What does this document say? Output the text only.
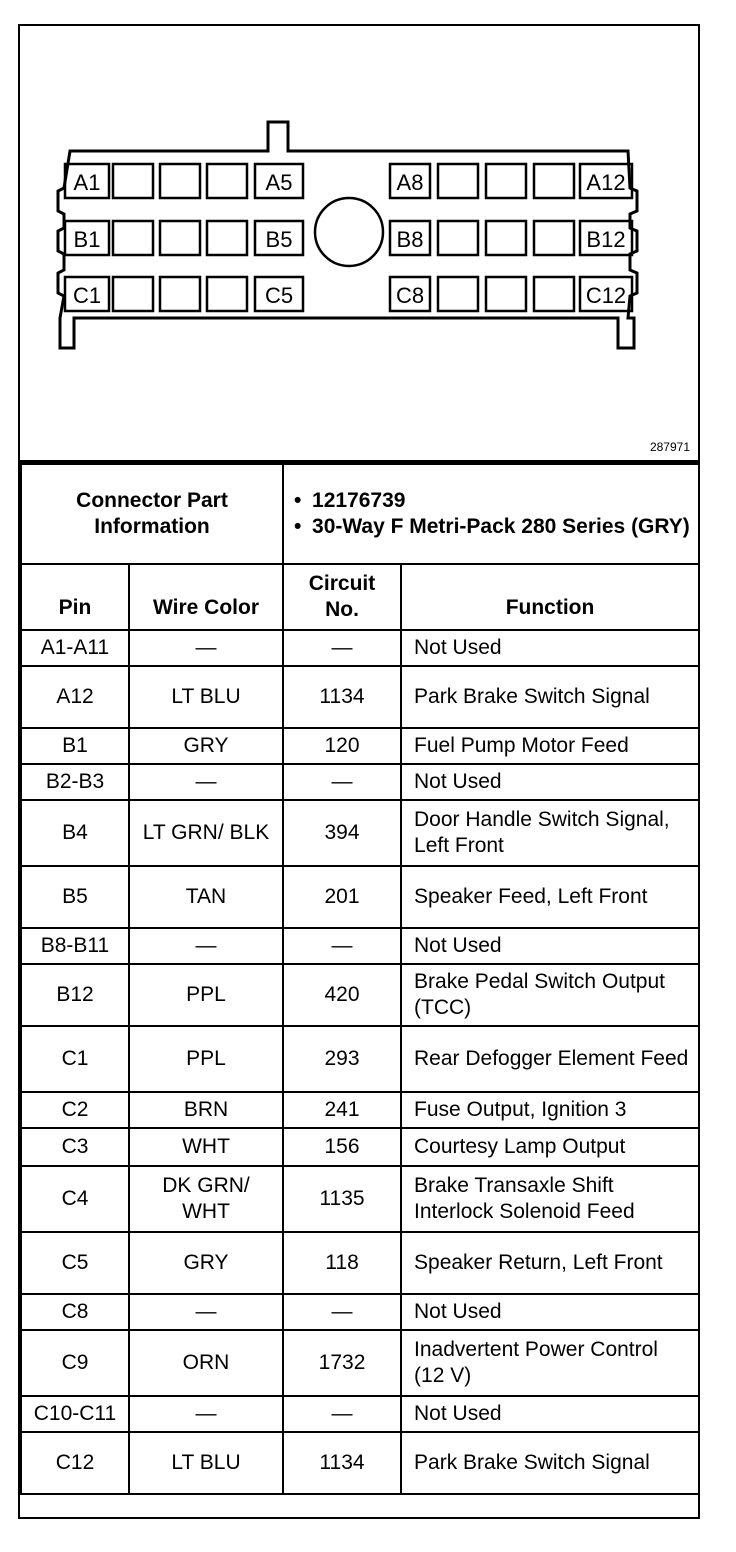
A1	A5	A8	A12
B1	B5	B8	B12
C1	C5	C8	C12
287971
Connector Part Information		• 12176739
• 30-Way F Metri-Pack 280 Series (GRY)

Pin	Wire Color	Circuit No.	Function
A1-A11	—	—	Not Used
A12	LT BLU	1134	Park Brake Switch Signal
B1	GRY	120	Fuel Pump Motor Feed
B2-B3	—	—	Not Used
B4	LT GRN/ BLK	394	Door Handle Switch Signal, Left Front
B5	TAN	201	Speaker Feed, Left Front
B8-B11	—	—	Not Used
B12	PPL	420	Brake Pedal Switch Output (TCC)
C1	PPL	293	Rear Defogger Element Feed
C2	BRN	241	Fuse Output, Ignition 3
C3	WHT	156	Courtesy Lamp Output
C4	DK GRN/ WHT	1135	Brake Transaxle Shift Interlock Solenoid Feed
C5	GRY	118	Speaker Return, Left Front
C8	—	—	Not Used
C9	ORN	1732	Inadvertent Power Control (12 V)
C10-C11	—	—	Not Used
C12	LT BLU	1134	Park Brake Switch Signal
